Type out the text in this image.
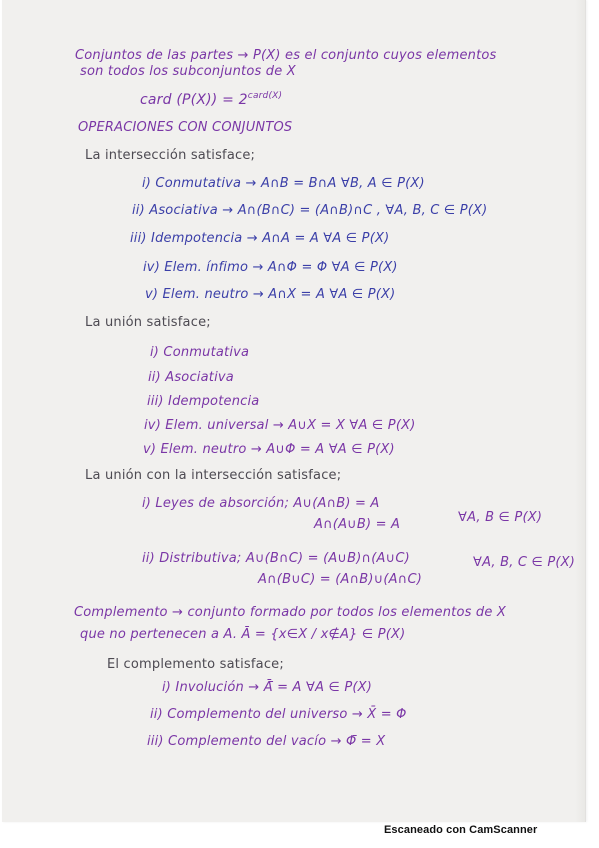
Conjuntos de las partes → P(X) es el conjunto cuyos elementos
son todos los subconjuntos de X
card $(P(X)) = 2^{card(X)}$
OPERACIONES CON CONJUNTOS
La intersección satisface;
i) Conmutativa → A∩B = B∩A ∀B, A ∈ P(X)
ii) Asociativa → A∩(B∩C) = (A∩B)∩C , ∀A, B, C ∈ P(X)
iii) Idempotencia → A∩A = A ∀A ∈ P(X)
iv) Elem. ínfimo → A∩Φ = Φ ∀A ∈ P(X)
v) Elem. neutro → A∩X = A ∀A ∈ P(X)
La unión satisface;
i) Conmutativa
ii) Asociativa
iii) Idempotencia
iv) Elem. universal → A∪X = X ∀A ∈ P(X)
v) Elem. neutro → A∪Φ = A ∀A ∈ P(X)
La unión con la intersección satisface;
i) Leyes de absorción; A∪(A∩B) = A
A∩(A∪B) = A	∀A, B ∈ P(X)
ii) Distributiva; A∪(B∩C) = (A∪B)∩(A∪C)	∀A, B, C ∈ P(X)
A∩(B∪C) = (A∩B)∪(A∩C)
Complemento → conjunto formado por todos los elementos de X
que no pertenecen a A. Ā = {x∈X / x∉A} ∈ P(X)
El complemento satisface;
i) Involución → Ā̄ = A ∀A ∈ P(X)
ii) Complemento del universo → X̄ = Φ
iii) Complemento del vacío → Φ̄ = X
Escaneado con CamScanner
